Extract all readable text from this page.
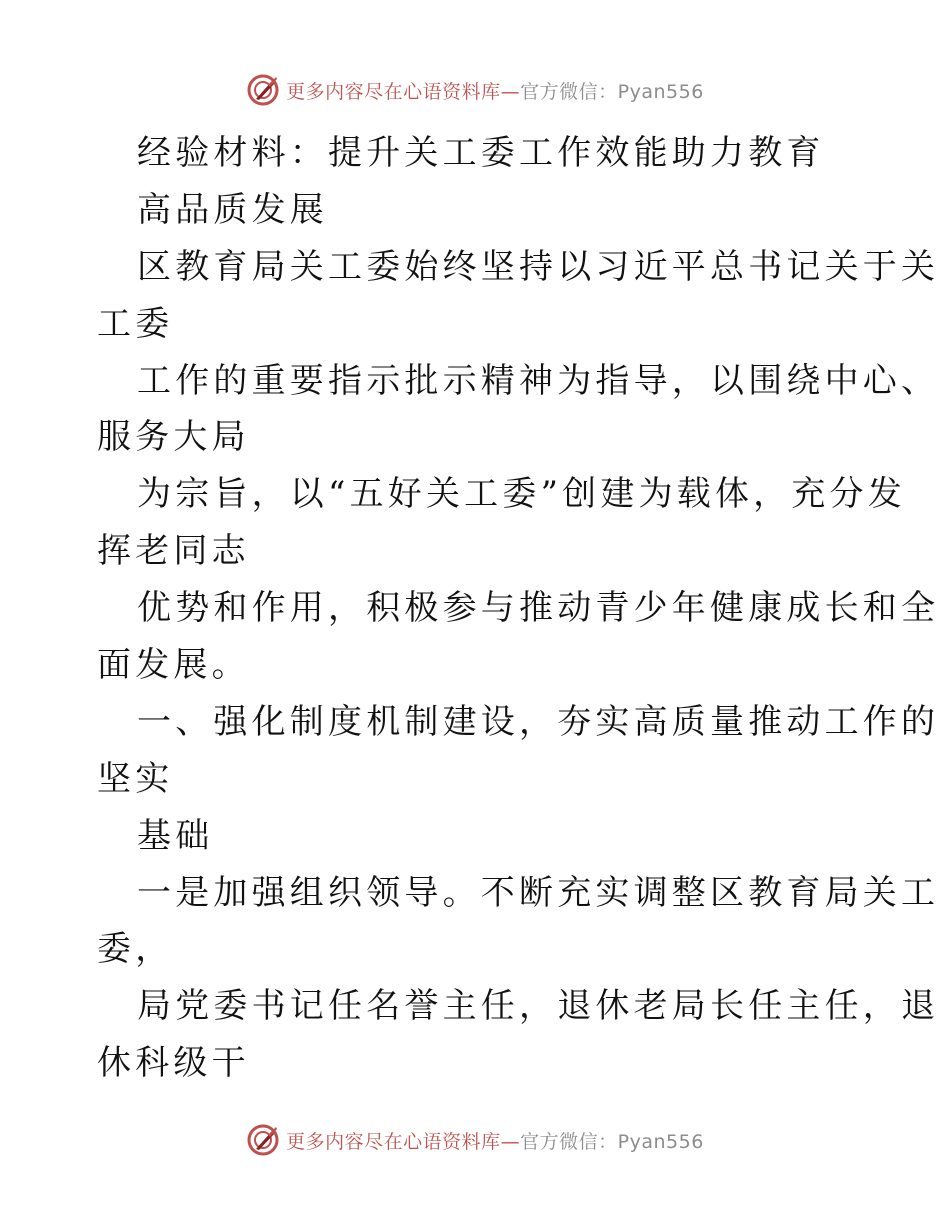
更多内容尽在心语资料库—官方微信：Pyan556
经验材料：提升关工委工作效能助力教育
高品质发展
区教育局关工委始终坚持以习近平总书记关于关
工委
工作的重要指示批示精神为指导，以围绕中心、
服务大局
为宗旨，以“五好关工委”创建为载体，充分发
挥老同志
优势和作用，积极参与推动青少年健康成长和全
面发展。
一、强化制度机制建设，夯实高质量推动工作的
坚实
基础
一是加强组织领导。不断充实调整区教育局关工
委，
局党委书记任名誉主任，退休老局长任主任，退
休科级干
更多内容尽在心语资料库—官方微信：Pyan556
